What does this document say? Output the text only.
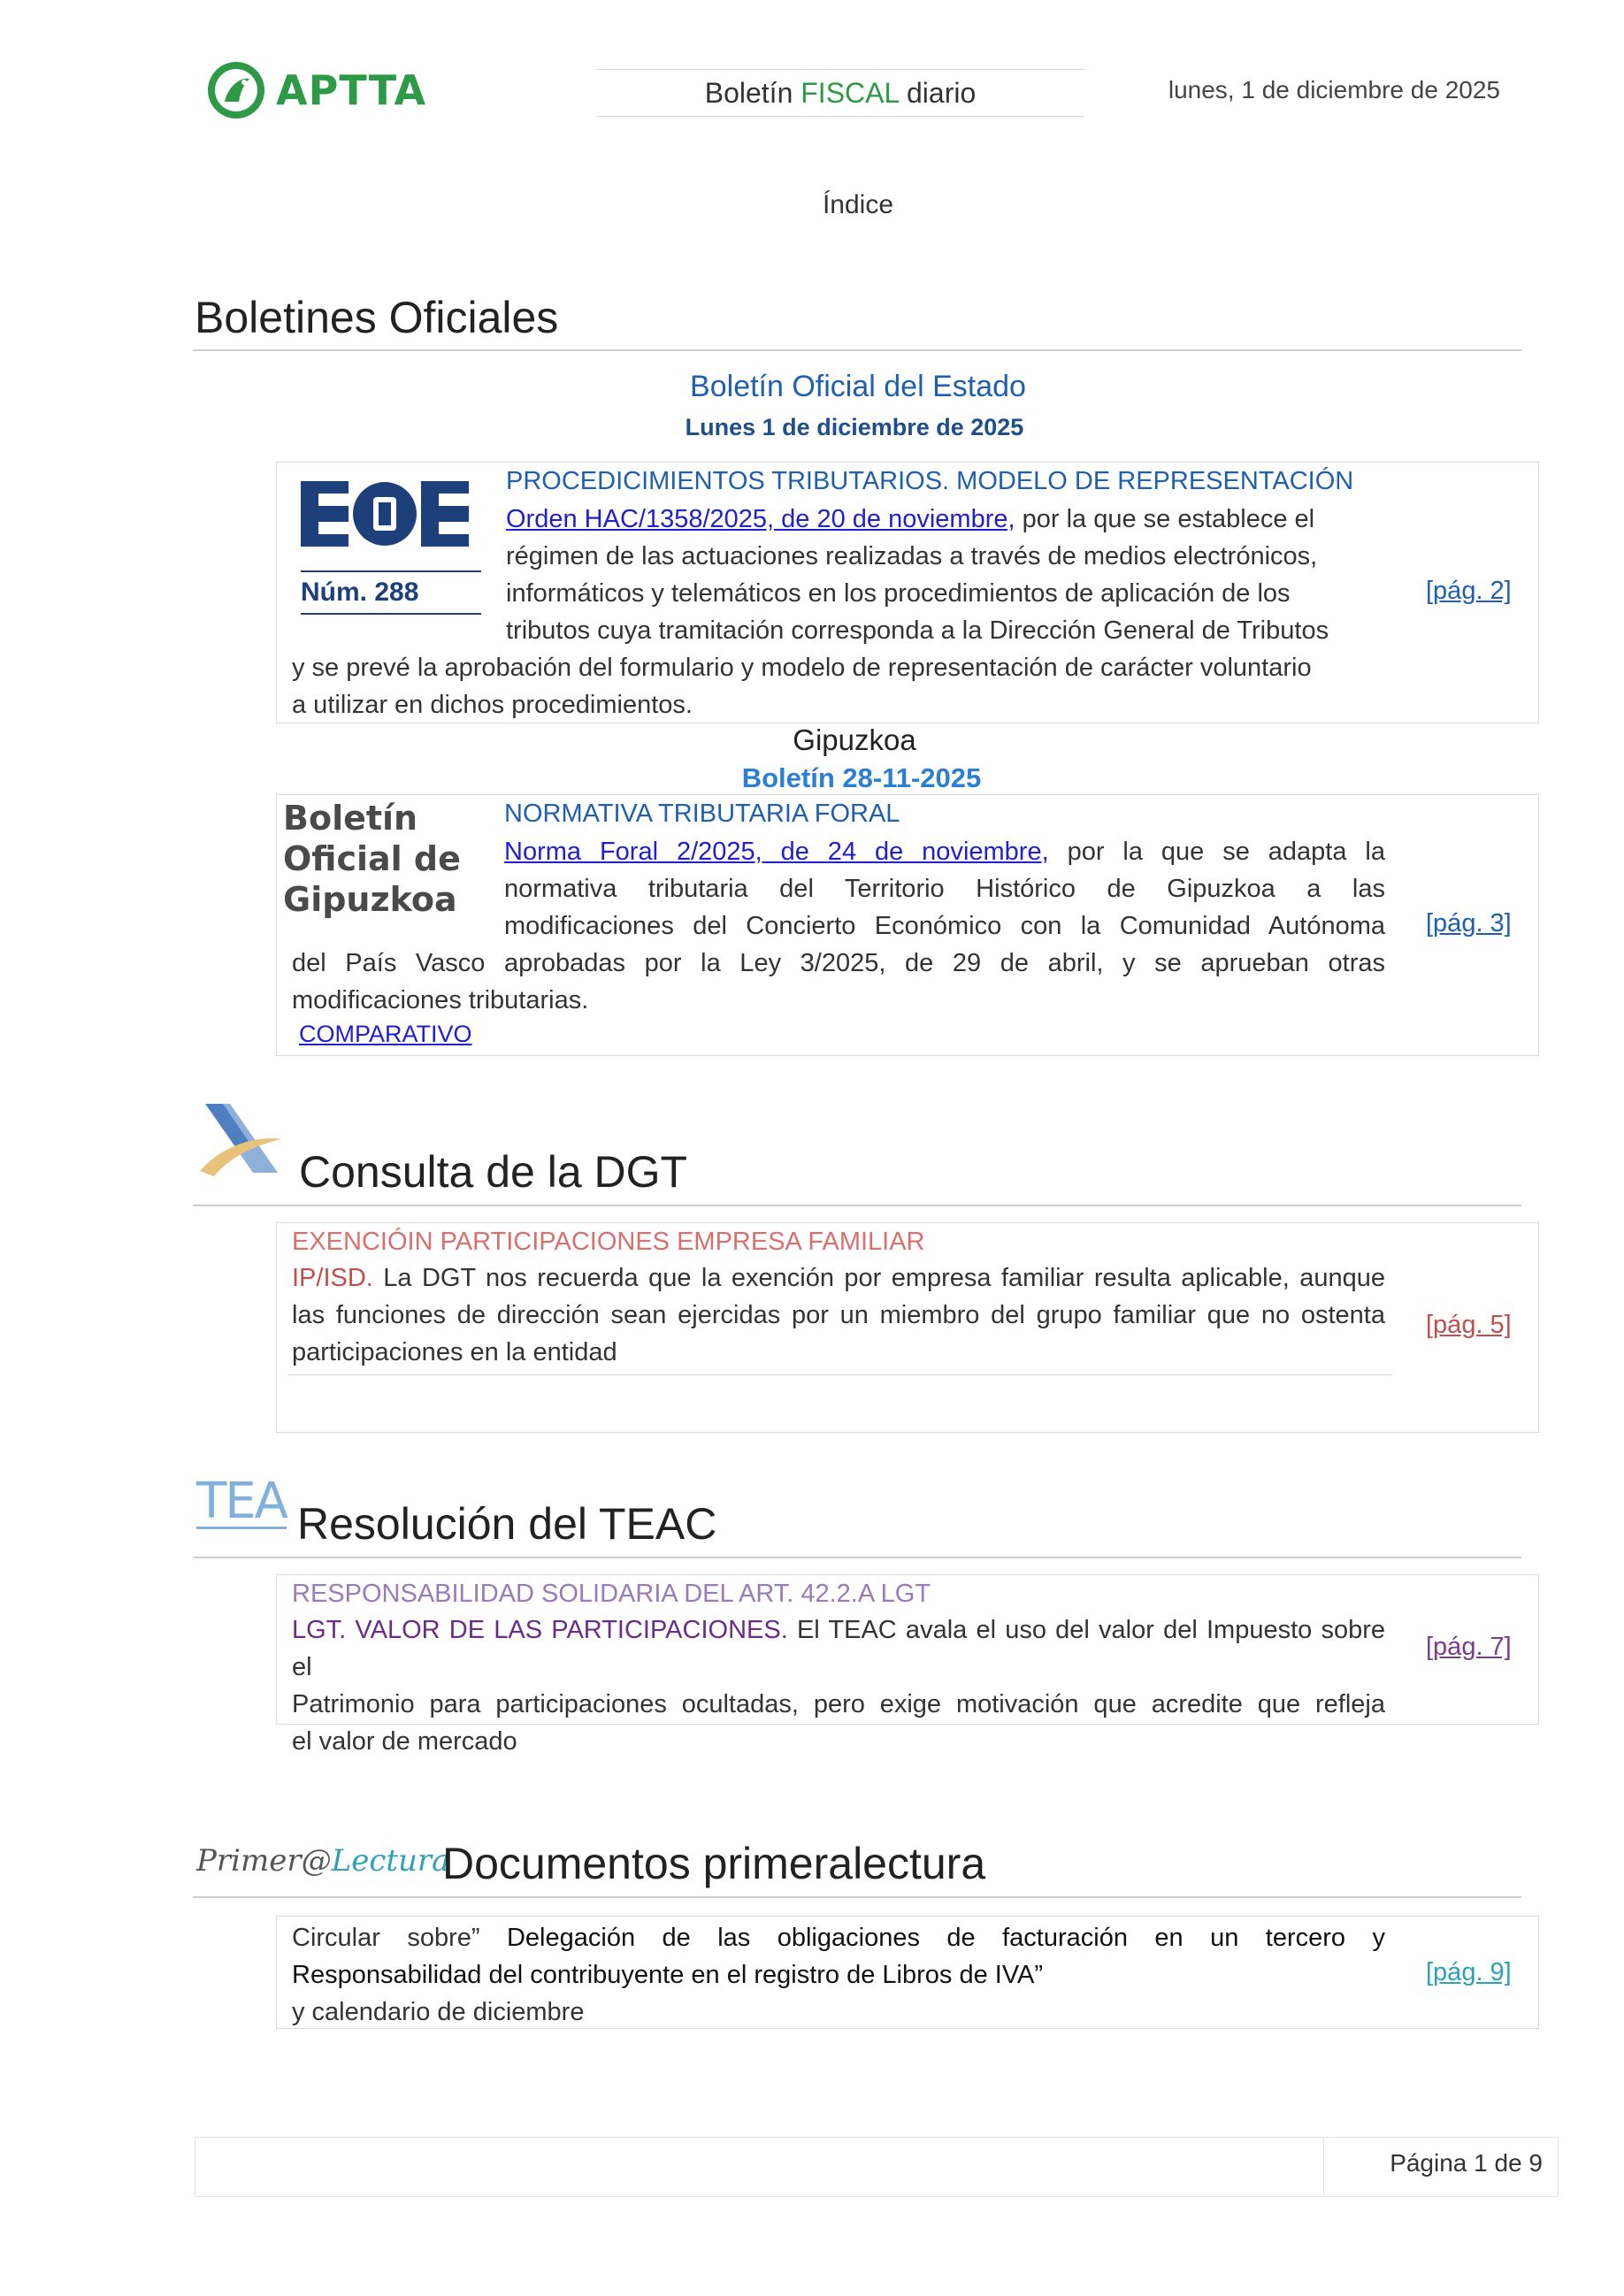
APTTA	Boletín FISCAL diario	lunes, 1 de diciembre de 2025
Índice
Boletines Oficiales
Boletín Oficial del Estado
Lunes 1 de diciembre de 2025
Núm. 288
PROCEDICIMIENTOS TRIBUTARIOS. MODELO DE REPRESENTACIÓN
Orden HAC/1358/2025, de 20 de noviembre, por la que se establece el
régimen de las actuaciones realizadas a través de medios electrónicos,
informáticos y telemáticos en los procedimientos de aplicación de los
tributos cuya tramitación corresponda a la Dirección General de Tributos
y se prevé la aprobación del formulario y modelo de representación de carácter voluntario
a utilizar en dichos procedimientos.
[pág. 2]
Gipuzkoa
Boletín 28-11-2025
Boletín
Oficial de
Gipuzkoa
NORMATIVA TRIBUTARIA FORAL
Norma Foral 2/2025, de 24 de noviembre, por la que se adapta la
normativa tributaria del Territorio Histórico de Gipuzkoa a las
modificaciones del Concierto Económico con la Comunidad Autónoma
del País Vasco aprobadas por la Ley 3/2025, de 29 de abril, y se aprueban otras
modificaciones tributarias.
COMPARATIVO
[pág. 3]
Consulta de la DGT
EXENCIÓIN PARTICIPACIONES EMPRESA FAMILIAR
IP/ISD. La DGT nos recuerda que la exención por empresa familiar resulta aplicable, aunque
las funciones de dirección sean ejercidas por un miembro del grupo familiar que no ostenta
participaciones en la entidad
[pág. 5]
TEA Resolución del TEAC
RESPONSABILIDAD SOLIDARIA DEL ART. 42.2.A LGT
LGT. VALOR DE LAS PARTICIPACIONES. El TEAC avala el uso del valor del Impuesto sobre el
Patrimonio para participaciones ocultadas, pero exige motivación que acredite que refleja
el valor de mercado
[pág. 7]
Primer@Lectura
Documentos primeralectura
Circular sobre” Delegación de las obligaciones de facturación en un tercero y
Responsabilidad del contribuyente en el registro de Libros de IVA”
y calendario de diciembre
[pág. 9]
Página 1 de 9
